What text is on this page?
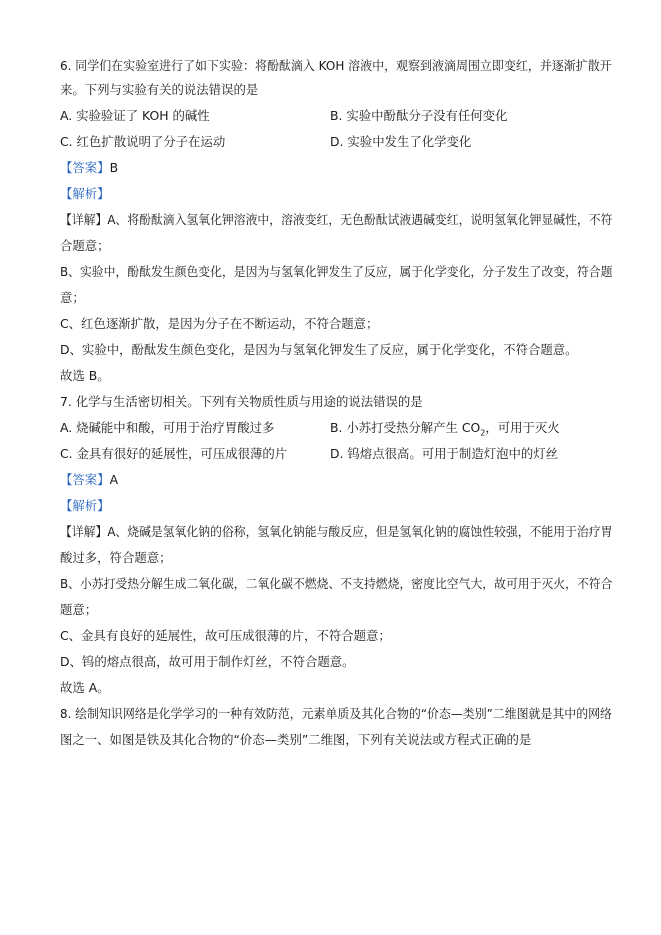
6. 同学们在实验室进行了如下实验：将酚酞滴入 KOH 溶液中，观察到液滴周围立即变红，并逐渐扩散开
来。下列与实验有关的说法错误的是
A. 实验验证了 KOH 的碱性	B. 实验中酚酞分子没有任何变化
C. 红色扩散说明了分子在运动	D. 实验中发生了化学变化
【答案】B
【解析】
【详解】A、将酚酞滴入氢氧化钾溶液中，溶液变红，无色酚酞试液遇碱变红，说明氢氧化钾显碱性，不符
合题意；
B、实验中，酚酞发生颜色变化，是因为与氢氧化钾发生了反应，属于化学变化，分子发生了改变，符合题
意；
C、红色逐渐扩散，是因为分子在不断运动，不符合题意；
D、实验中，酚酞发生颜色变化，是因为与氢氧化钾发生了反应，属于化学变化，不符合题意。
故选 B。
7. 化学与生活密切相关。下列有关物质性质与用途的说法错误的是
A. 烧碱能中和酸，可用于治疗胃酸过多	B. 小苏打受热分解产生 $CO_2$，可用于灭火
C. 金具有很好的延展性，可压成很薄的片	D. 钨熔点很高。可用于制造灯泡中的灯丝
【答案】A
【解析】
【详解】A、烧碱是氢氧化钠的俗称，氢氧化钠能与酸反应，但是氢氧化钠的腐蚀性较强，不能用于治疗胃
酸过多，符合题意；
B、小苏打受热分解生成二氧化碳，二氧化碳不燃烧、不支持燃烧，密度比空气大，故可用于灭火，不符合
题意；
C、金具有良好的延展性，故可压成很薄的片，不符合题意；
D、钨的熔点很高，故可用于制作灯丝，不符合题意。
故选 A。
8. 绘制知识网络是化学学习的一种有效防范，元素单质及其化合物的“价态—类别”二维图就是其中的网络
图之一、如图是铁及其化合物的“价态—类别”二维图，下列有关说法或方程式正确的是
